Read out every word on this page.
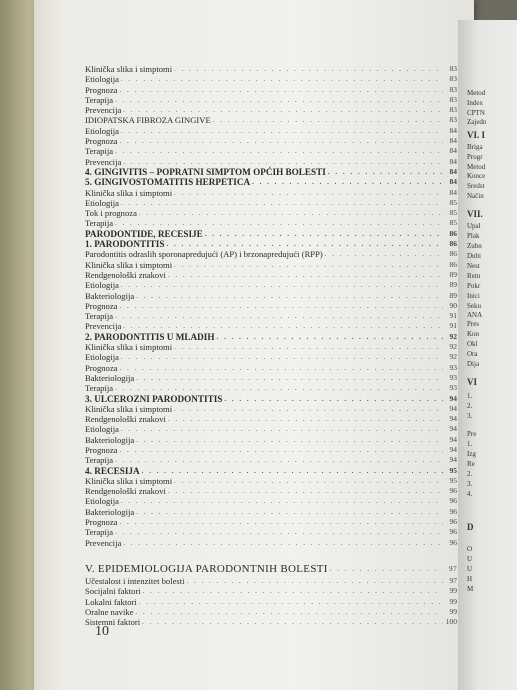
Klinička slika i simptomi . . .	83
Etiologija . . .	83
Prognoza . . .	83
Terapija . . .	83
Prevencija . . .	83
IDIOPATSKA FIBROZA GINGIVE . . .	83
Etiologija . . .	84
Prognoza . . .	84
Terapija . . .	84
Prevencija . . .	84
4. GINGIVITIS – POPRATNI SIMPTOM OPĆIH BOLESTI . . .	84
5. GINGIVOSTOMATITIS HERPETICA . . .	84
Klinička slika i simptomi . . .	84
Etiologija . . .	85
Tok i prognoza . . .	85
Terapija . . .	85
PARODONTIDE, RECESIJE . . .	86
1. PARODONTITIS . . .	86
Parodontitis odraslih sporonapredujući (AP) i brzonapredujući (RPP) . . .	86
Klinička slika i simptomi . . .	86
Rendgenološki znakovi . . .	89
Etiologija . . .	89
Bakteriologija . . .	89
Prognoza . . .	90
Terapija . . .	91
Prevencija . . .	91
2. PARODONTITIS U MLADIH . . .	92
Klinička slika i simptomi . . .	92
Etiologija . . .	92
Prognoza . . .	93
Bakteriologija . . .	93
Terapija . . .	93
3. ULCEROZNI PARODONTITIS . . .	94
Klinička slika i simptomi . . .	94
Rendgenološki znakovi . . .	94
Etiologija . . .	94
Bakteriologija . . .	94
Prognoza . . .	94
Terapija . . .	94
4. RECESIJA . . .	95
Klinička slika i simptomi . . .	95
Rendgenološki znakovi . . .	96
Etiologija . . .	96
Bakteriologija . . .	96
Prognoza . . .	96
Terapija . . .	96
Prevencija . . .	96
V. EPIDEMIOLOGIJA PARODONTNIH BOLESTI . . .	97
Učestalost i intenzitet bolesti . . .	97
Socijalni faktori . . .	99
Lokalni faktori . . .	99
Oralne navike . . .	99
Sistemni faktori . . .	100
10
Metod
Index
CPTN
Zajedn
VI. I
Briga
Progr
Metod
Konce
Sredst
Način
VII.
Upal
Plak
Zubn
Dubi
Nest
Retn
Pokr
Inici
Seku
ANA
Pres
Kon
Okl
Ora
Dija
VI
1.
2.
3.
Pre
1.
Izg
Re
2.
3.
4.
D
O
U
U
H
M
